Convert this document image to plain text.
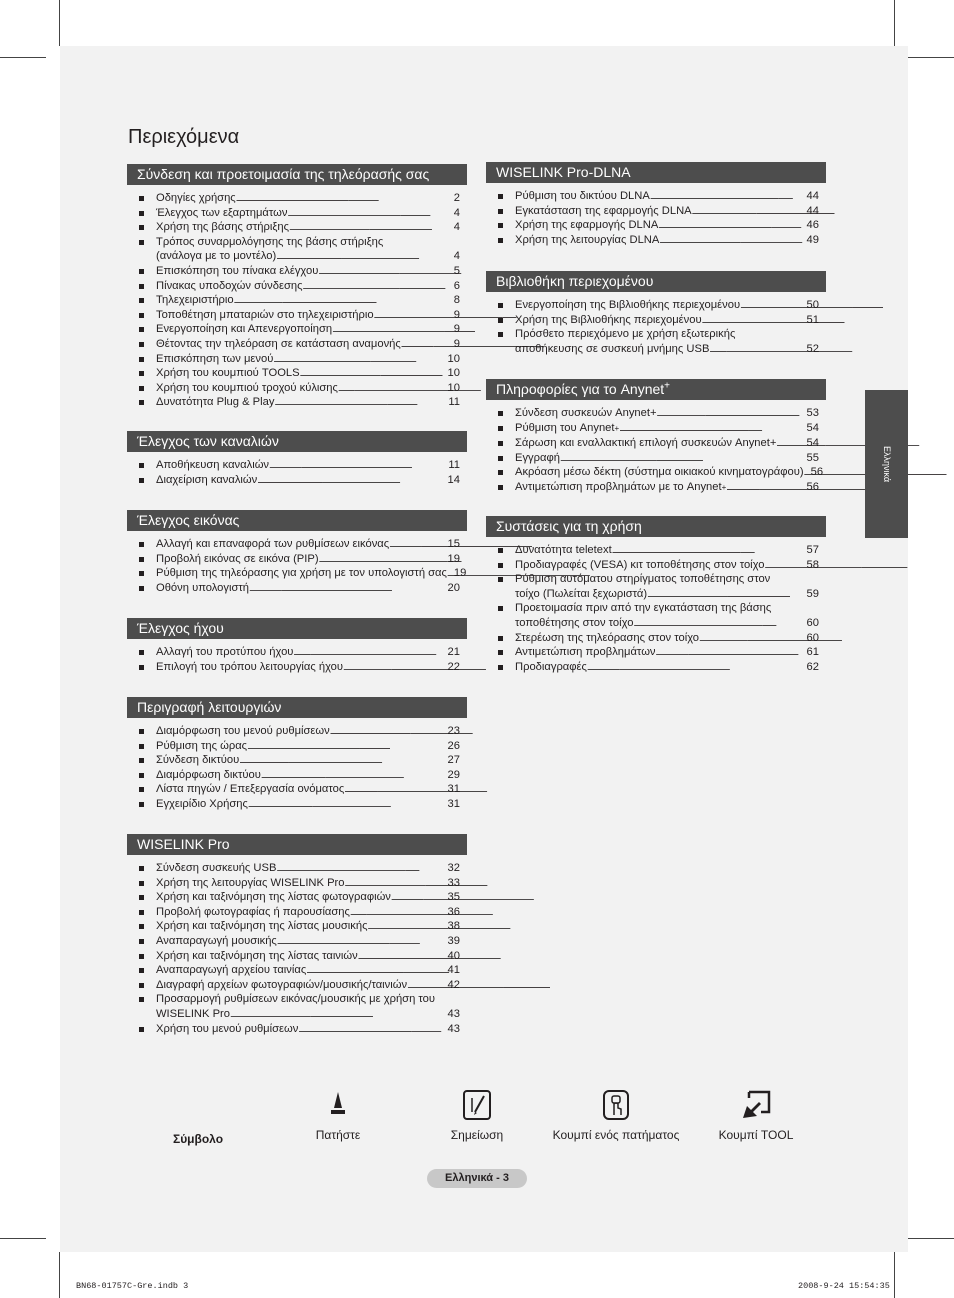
Περιεχόμενα
Σύνδεση και προετοιμασία της τηλεόρασής σας
Οδηγίες χρήσης . . .	2
Έλεγχος των εξαρτημάτων . . .	4
Χρήση της βάσης στήριξης . . .	4
Τρόπος συναρμολόγησης της βάσης στήριξης
(ανάλογα με το μοντέλο) . . .	4
Επισκόπηση του πίνακα ελέγχου . . .	5
Πίνακας υποδοχών σύνδεσης . . .	6
Τηλεχειριστήριο . . .	8
Τοποθέτηση μπαταριών στο τηλεχειριστήριο . . .	9
Ενεργοποίηση και Απενεργοποίηση . . .	9
Θέτοντας την τηλεόραση σε κατάσταση αναμονής . . .	9
Επισκόπηση των μενού . . .	10
Χρήση του κουμπιού TOOLS . . .	10
Χρήση του κουμπιού τροχού κύλισης . . .	10
Δυνατότητα Plug & Play . . .	11
Έλεγχος των καναλιών
Αποθήκευση καναλιών . . .	11
Διαχείριση καναλιών . . .	14
Έλεγχος εικόνας
Αλλαγή και επαναφορά των ρυθμίσεων εικόνας . . .	15
Προβολή εικόνας σε εικόνα (PIP) . . .	19
Ρύθμιση της τηλεόρασης για χρήση με τον υπολογιστή σας . . . 19
Οθόνη υπολογιστή . . .	20
Έλεγχος ήχου
Αλλαγή του προτύπου ήχου . . .	21
Επιλογή του τρόπου λειτουργίας ήχου . . .	22
Περιγραφή λειτουργιών
Διαμόρφωση του μενού ρυθμίσεων . . .	23
Ρύθμιση της ώρας . . .	26
Σύνδεση δικτύου . . .	27
Διαμόρφωση δικτύου . . .	29
Λίστα πηγών / Επεξεργασία ονόματος . . .	31
Εγχειρίδιο Χρήσης . . .	31
WISELINK Pro
Σύνδεση συσκευής USB . . .	32
Χρήση της λειτουργίας WISELINK Pro . . .	33
Χρήση και ταξινόμηση της λίστας φωτογραφιών . . .	35
Προβολή φωτογραφίας ή παρουσίασης . . .	36
Χρήση και ταξινόμηση της λίστας μουσικής . . .	38
Αναπαραγωγή μουσικής . . .	39
Χρήση και ταξινόμηση της λίστας ταινιών . . .	40
Αναπαραγωγή αρχείου ταινίας . . .	41
Διαγραφή αρχείων φωτογραφιών/μουσικής/ταινιών . . .	42
Προσαρμογή ρυθμίσεων εικόνας/μουσικής με χρήση του
WISELINK Pro . . .	43
Χρήση του μενού ρυθμίσεων . . .	43
WISELINK Pro-DLNA
Ρύθμιση του δικτύου DLNA . . .	44
Εγκατάσταση της εφαρμογής DLNA . . .	44
Χρήση της εφαρμογής DLNA . . .	46
Χρήση της λειτουργίας DLNA . . .	49
Βιβλιοθήκη περιεχομένου
Ενεργοποίηση της Βιβλιοθήκης περιεχομένου . . .	50
Χρήση της Βιβλιοθήκης περιεχομένου . . .	51
Πρόσθετο περιεχόμενο με χρήση εξωτερικής
αποθήκευσης σε συσκευή μνήμης USB . . .	52
Πληροφορίες για το Anynet+
Σύνδεση συσκευών Anynet+ . . .	53
Ρύθμιση του Anynet + . . .	54
Σάρωση και εναλλακτική επιλογή συσκευών Anynet+ . . .	54
Εγγραφή . . .	55
Ακρόαση μέσω δέκτη (σύστημα οικιακού κινηματογράφου) . . . 56
Αντιμετώπιση προβλημάτων με το Anynet + . . .	56
Συστάσεις για τη χρήση
Δυνατότητα teletext . . .	57
Προδιαγραφές (VESA) κιτ τοποθέτησης στον τοίχο . . .	58
Ρύθμιση αυτόματου στηρίγματος τοποθέτησης στον
τοίχο (Πωλείται ξεχωριστά) . . .	59
Προετοιμασία πριν από την εγκατάσταση της βάσης
τοποθέτησης στον τοίχο . . .	60
Στερέωση της τηλεόρασης στον τοίχο . . .	60
Αντιμετώπιση προβλημάτων . . .	61
Προδιαγραφές . . .	62
Ελληνικά
Σύμβολο	Πατήστε	Σημείωση	Κουμπί ενός πατήματος	Κουμπί TOOL
Ελληνικά - 3
BN68-01757C-Gre.indb 3	2008-9-24 15:54:35
